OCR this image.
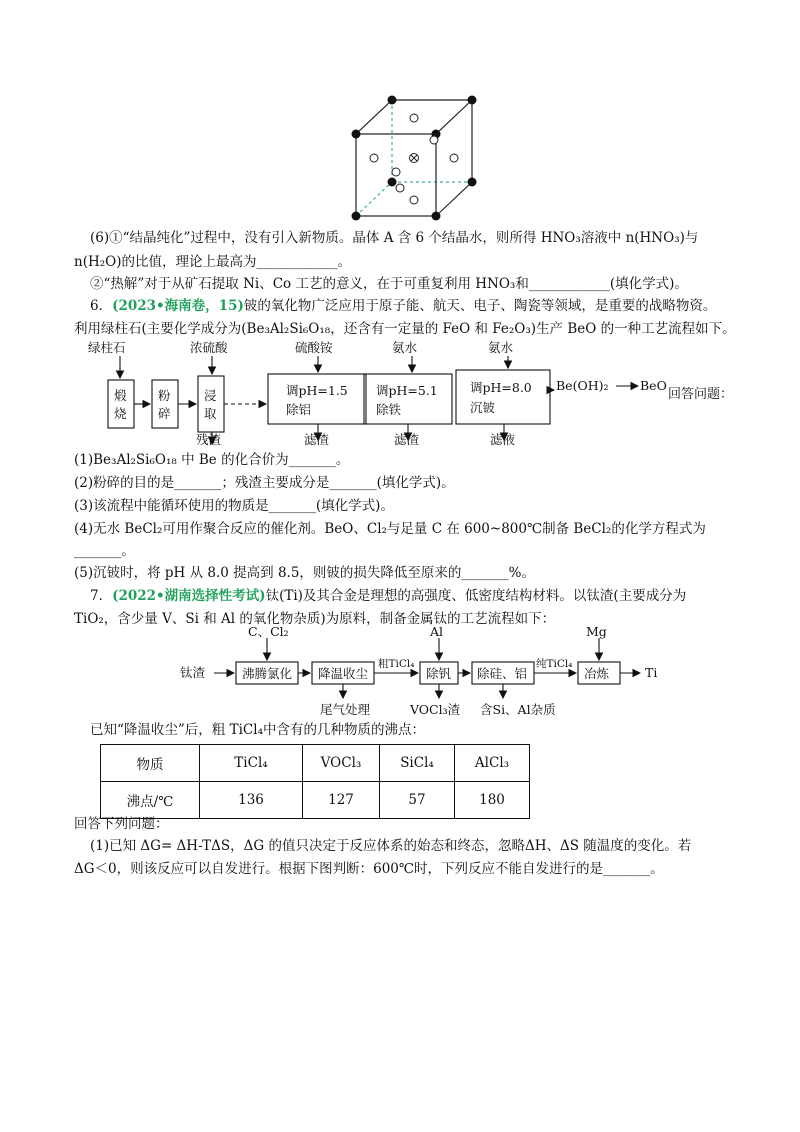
(6)①“结晶纯化”过程中，没有引入新物质。晶体 A 含 6 个结晶水，则所得 HNO₃溶液中 n(HNO₃)与
n(H₂O)的比值，理论上最高为____________。
②“热解”对于从矿石提取 Ni、Co 工艺的意义，在于可重复利用 HNO₃和____________(填化学式)。
6．(2023•海南卷，15)铍的氧化物广泛应用于原子能、航天、电子、陶瓷等领域，是重要的战略物资。
利用绿柱石(主要化学成分为(Be₃Al₂Si₆O₁₈，还含有一定量的 FeO 和 Fe₂O₃)生产 BeO 的一种工艺流程如下。
绿柱石	浓硫酸	硫酸铵	氨水	氨水
煅
烧
粉
碎
浸
取
调pH=1.5
除铝
调pH=5.1
除铁
调pH=8.0
沉铍
残渣	滤渣	滤渣	滤液
Be(OH)₂	BeO
回答问题：
(1)Be₃Al₂Si₆O₁₈ 中 Be 的化合价为_______。
(2)粉碎的目的是_______；残渣主要成分是_______(填化学式)。
(3)该流程中能循环使用的物质是_______(填化学式)。
(4)无水 BeCl₂可用作聚合反应的催化剂。BeO、Cl₂与足量 C 在 600~800℃制备 BeCl₂的化学方程式为
_______。
(5)沉铍时，将 pH 从 8.0 提高到 8.5，则铍的损失降低至原来的_______%。
7．(2022•湖南选择性考试)钛(Ti)及其合金是理想的高强度、低密度结构材料。以钛渣(主要成分为
TiO₂，含少量 V、Si 和 Al 的氧化物杂质)为原料，制备金属钛的工艺流程如下：
钛渣
C、Cl₂	Al	Mg
沸腾氯化 降温收尘	除钒 除硅、铝	冶炼
粗TiCl₄	纯TiCl₄
尾气处理	VOCl₃渣 含Si、Al杂质
Ti
已知“降温收尘”后，粗 TiCl₄中含有的几种物质的沸点：
物质	TiCl₄	VOCl₃	SiCl₄	AlCl₃
沸点/℃	136	127	57	180
回答下列问题：
(1)已知 ΔG= ΔH-TΔS，ΔG 的值只决定于反应体系的始态和终态，忽略ΔH、ΔS 随温度的变化。若
ΔG＜0，则该反应可以自发进行。根据下图判断：600℃时，下列反应不能自发进行的是_______。
